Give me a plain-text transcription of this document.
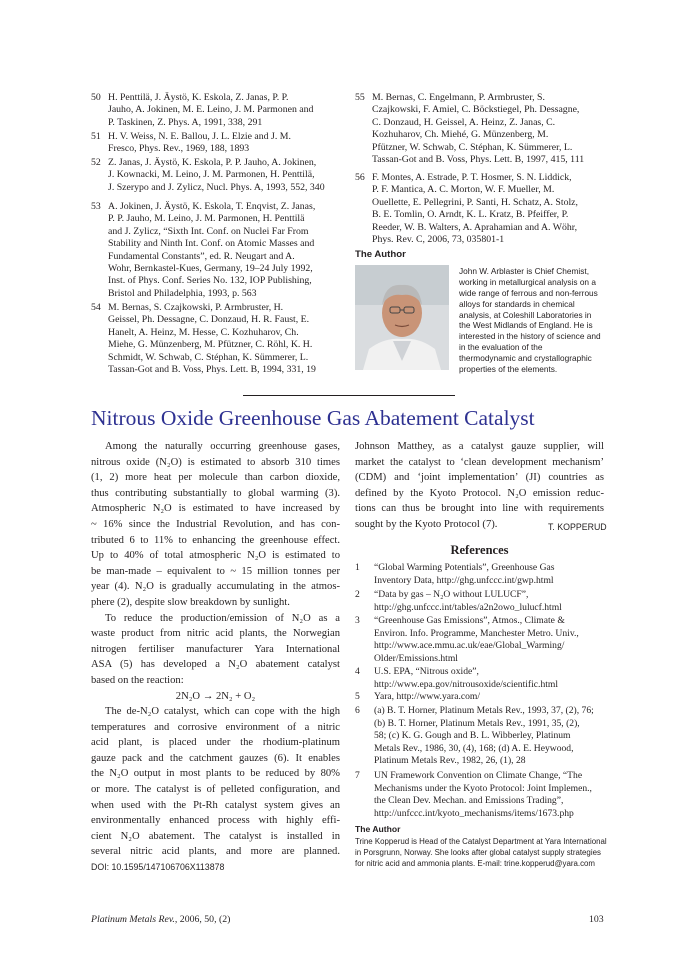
50 H. Penttilä, J. Äystö, K. Eskola, Z. Janas, P. P.
Jauho, A. Jokinen, M. E. Leino, J. M. Parmonen and
P. Taskinen, Z. Phys. A, 1991, 338, 291
51 H. V. Weiss, N. E. Ballou, J. L. Elzie and J. M.
Fresco, Phys. Rev., 1969, 188, 1893
52 Z. Janas, J. Äystö, K. Eskola, P. P. Jauho, A. Jokinen,
J. Kownacki, M. Leino, J. M. Parmonen, H. Penttilä,
J. Szerypo and J. Zylicz, Nucl. Phys. A, 1993, 552, 340
53 A. Jokinen, J. Äystö, K. Eskola, T. Enqvist, Z. Janas,
P. P. Jauho, M. Leino, J. M. Parmonen, H. Penttilä
and J. Zylicz, “Sixth Int. Conf. on Nuclei Far From
Stability and Ninth Int. Conf. on Atomic Masses and
Fundamental Constants”, ed. R. Neugart and A.
Wohr, Bernkastel-Kues, Germany, 19–24 July 1992,
Inst. of Phys. Conf. Series No. 132, IOP Publishing,
Bristol and Philadelphia, 1993, p. 563
54 M. Bernas, S. Czajkowski, P. Armbruster, H.
Geissel, Ph. Dessagne, C. Donzaud, H. R. Faust, E.
Hanelt, A. Heinz, M. Hesse, C. Kozhuharov, Ch.
Miehe, G. Münzenberg, M. Pfützner, C. Röhl, K. H.
Schmidt, W. Schwab, C. Stéphan, K. Sümmerer, L.
Tassan-Got and B. Voss, Phys. Lett. B, 1994, 331, 19
55 M. Bernas, C. Engelmann, P. Armbruster, S.
Czajkowski, F. Amiel, C. Böckstiegel, Ph. Dessagne,
C. Donzaud, H. Geissel, A. Heinz, Z. Janas, C.
Kozhuharov, Ch. Miehé, G. Münzenberg, M.
Pfützner, W. Schwab, C. Stéphan, K. Sümmerer, L.
Tassan-Got and B. Voss, Phys. Lett. B, 1997, 415, 111
56 F. Montes, A. Estrade, P. T. Hosmer, S. N. Liddick,
P. F. Mantica, A. C. Morton, W. F. Mueller, M.
Ouellette, E. Pellegrini, P. Santi, H. Schatz, A. Stolz,
B. E. Tomlin, O. Arndt, K. L. Kratz, B. Pfeiffer, P.
Reeder, W. B. Walters, A. Aprahamian and A. Wöhr,
Phys. Rev. C, 2006, 73, 035801-1
The Author
John W. Arblaster is Chief Chemist,
working in metallurgical analysis on a
wide range of ferrous and non-ferrous
alloys for standards in chemical
analysis, at Coleshill Laboratories in
the West Midlands of England. He is
interested in the history of science and
in the evaluation of the
thermodynamic and crystallographic
properties of the elements.
Nitrous Oxide Greenhouse Gas Abatement Catalyst
Among the naturally occurring greenhouse gases,
nitrous oxide (N₂O) is estimated to absorb 310 times
(1, 2) more heat per molecule than carbon dioxide,
thus contributing substantially to global warming (3).
Atmospheric N₂O is estimated to have increased by
~ 16% since the Industrial Revolution, and has con-
tributed 6 to 11% to enhancing the greenhouse effect.
Up to 40% of total atmospheric N₂O is estimated to
be man-made – equivalent to ~ 15 million tonnes per
year (4). N₂O is gradually accumulating in the atmos-
phere (2), despite slow breakdown by sunlight.
To reduce the production/emission of N₂O as a
waste product from nitric acid plants, the Norwegian
nitrogen fertiliser manufacturer Yara International
ASA (5) has developed a N₂O abatement catalyst
based on the reaction:
2N₂O → 2N₂ + O₂
The de-N₂O catalyst, which can cope with the high
temperatures and corrosive environment of a nitric
acid plant, is placed under the rhodium-platinum
gauze pack and the catchment gauzes (6). It enables
the N₂O output in most plants to be reduced by 80%
or more. The catalyst is of pelleted configuration, and
when used with the Pt-Rh catalyst system gives an
environmentally enhanced process with highly effi-
cient N₂O abatement. The catalyst is installed in
several nitric acid plants, and more are planned.
Johnson Matthey, as a catalyst gauze supplier, will
market the catalyst to ‘clean development mechanism’
(CDM) and ‘joint implementation’ (JI) countries as
defined by the Kyoto Protocol. N₂O emission reduc-
tions can thus be brought into line with requirements
sought by the Kyoto Protocol (7).	T. KOPPERUD
References
1 “Global Warming Potentials”, Greenhouse Gas
Inventory Data, http://ghg.unfccc.int/gwp.html
2 “Data by gas – N₂O without LULUCF”,
http://ghg.unfccc.int/tables/a2n2owo_lulucf.html
3 “Greenhouse Gas Emissions”, Atmos., Climate &
Environ. Info. Programme, Manchester Metro. Univ.,
http://www.ace.mmu.ac.uk/eae/Global_Warming/
Older/Emissions.html
4 U.S. EPA, “Nitrous oxide”,
http://www.epa.gov/nitrousoxide/scientific.html
5 Yara, http://www.yara.com/
6 (a) B. T. Horner, Platinum Metals Rev., 1993, 37, (2), 76;
(b) B. T. Horner, Platinum Metals Rev., 1991, 35, (2),
58; (c) K. G. Gough and B. L. Wibberley, Platinum
Metals Rev., 1986, 30, (4), 168; (d) A. E. Heywood,
Platinum Metals Rev., 1982, 26, (1), 28
7 UN Framework Convention on Climate Change, “The
Mechanisms under the Kyoto Protocol: Joint Implemen.,
the Clean Dev. Mechan. and Emissions Trading”,
http://unfccc.int/kyoto_mechanisms/items/1673.php
The Author
Trine Kopperud is Head of the Catalyst Department at Yara International
in Porsgrunn, Norway. She looks after global catalyst supply strategies
for nitric acid and ammonia plants. E-mail: trine.kopperud@yara.com
DOI: 10.1595/147106706X113878
Platinum Metals Rev., 2006, 50, (2)	103
